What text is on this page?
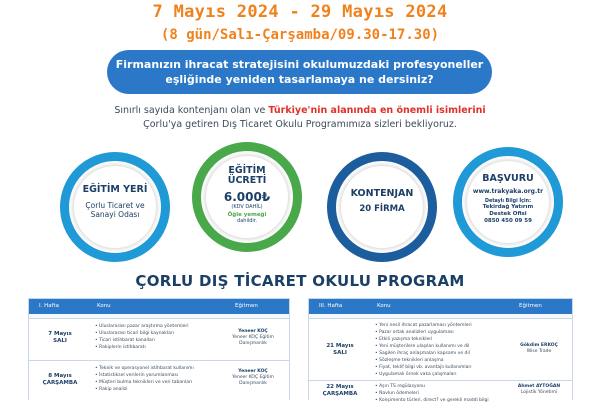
7 Mayıs 2024 - 29 Mayıs 2024
(8 gün/Salı-Çarşamba/09.30-17.30)
Firmanızın ihracat stratejisini okulumuzdaki profesyoneller
eşliğinde yeniden tasarlamaya ne dersiniz?
Sınırlı sayıda kontenjanı olan ve Türkiye'nin alanında en önemli isimlerini
Çorlu'ya getiren Dış Ticaret Okulu Programımıza sizleri bekliyoruz.
EĞİTİM YERİ
Çorlu Ticaret ve
Sanayi Odası
EĞİTİM
ÜCRETİ
6.000₺
(KDV DAHİL)
Öğle yemeği
dahildir.
KONTENJAN
20 FİRMA
BAŞVURU
www.trakyaka.org.tr
Detaylı Bilgi İçin:
Tekirdağ Yatırım
Destek Ofisi
0850 450 09 59
ÇORLU DIŞ TİCARET OKULU PROGRAM
I. Hafta	Konu	Eğitmen
7 Mayıs
SALI
• Uluslararası pazar araştırma yöntemleri
• Uluslararası ticari bilgi kaynakları
• Ticari istihbarat kanalları
• Rakiplerin istihbaratı
Yeneer KOÇ
Yeneer KOÇ Eğitim
Danışmanlık
8 Mayıs
ÇARŞAMBA
• Teknik ve operasyonel istihbarat kullanımı
• İstatistiksel verilerin yorumlanması
• Müşteri bulma teknikleri ve veri tabanları
• Rakip analizi
Yeneer KOÇ
Yeneer KOÇ Eğitim
Danışmanlık
III. Hafta	Konu	Eğitmen
21 Mayıs
SALI
• Yeni nesil ihracat pazarlaması yöntemleri
• Pazar ortak analizleri uygulaması
• Etkili yazışma teknikleri
• Yeni müşterilere ulaşılan kullanımı ve dil
• Sagilen ihraç anlaşmaları kapsamı ve dil
• Sözleşme teknikleri anlaşma
• Fiyat, teklif bilgi vb. avantajlı kullanımları
• Uygulamalı örnek vaka çalışmaları
Gökdim ERKOÇ
Wise Trade
22 Mayıs
ÇARŞAMBA
• Aşırı TS regülasyonu
• Navlun ödemeleri
• Konşimento türleri, direct? ve gerekli maddi bilgi
Ahmet AYTOĞAN
Lojistik Yönetimi
